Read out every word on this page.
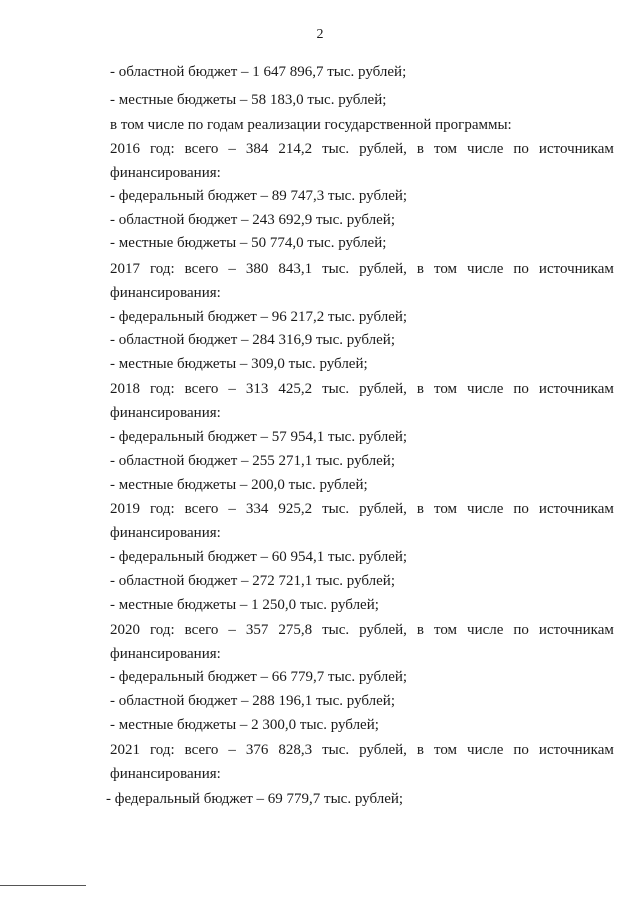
2
- областной бюджет – 1 647 896,7 тыс. рублей;
- местные бюджеты – 58 183,0 тыс. рублей;
в том числе по годам реализации государственной программы:
2016 год: всего – 384 214,2 тыс. рублей, в том числе по источникам
финансирования:
- федеральный бюджет – 89 747,3 тыс. рублей;
- областной бюджет – 243 692,9 тыс. рублей;
- местные бюджеты – 50 774,0 тыс. рублей;
2017 год: всего – 380 843,1 тыс. рублей, в том числе по источникам
финансирования:
- федеральный бюджет – 96 217,2 тыс. рублей;
- областной бюджет – 284 316,9 тыс. рублей;
- местные бюджеты – 309,0 тыс. рублей;
2018 год: всего – 313 425,2 тыс. рублей, в том числе по источникам
финансирования:
- федеральный бюджет – 57 954,1 тыс. рублей;
- областной бюджет – 255 271,1 тыс. рублей;
- местные бюджеты – 200,0 тыс. рублей;
2019 год: всего – 334 925,2 тыс. рублей, в том числе по источникам
финансирования:
- федеральный бюджет – 60 954,1 тыс. рублей;
- областной бюджет – 272 721,1 тыс. рублей;
- местные бюджеты – 1 250,0 тыс. рублей;
2020 год: всего – 357 275,8 тыс. рублей, в том числе по источникам
финансирования:
- федеральный бюджет – 66 779,7 тыс. рублей;
- областной бюджет – 288 196,1 тыс. рублей;
- местные бюджеты – 2 300,0 тыс. рублей;
2021 год: всего – 376 828,3 тыс. рублей, в том числе по источникам
финансирования:
- федеральный бюджет – 69 779,7 тыс. рублей;
